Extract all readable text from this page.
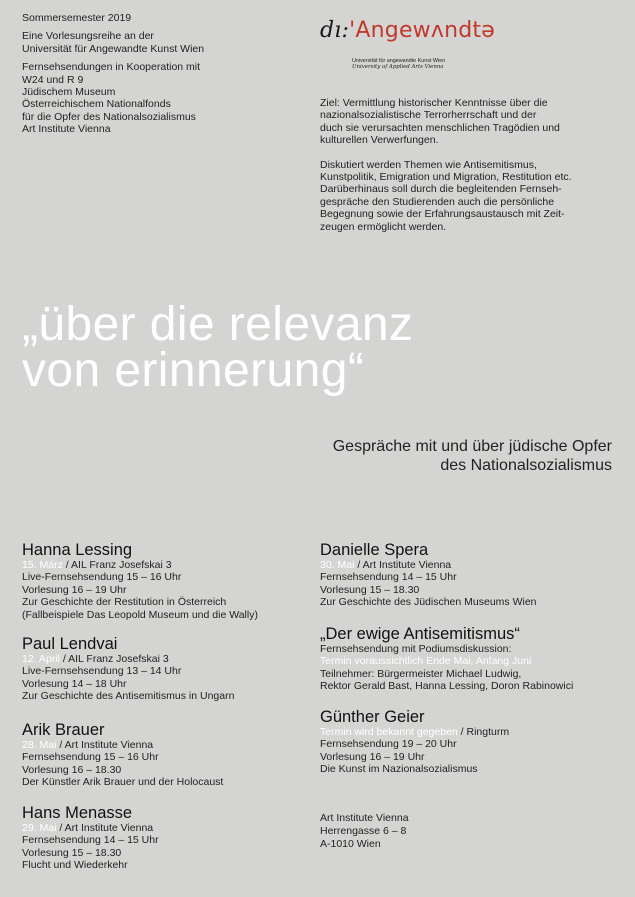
Sommersemester 2019

Eine Vorlesungsreihe an der
Universität für Angewandte Kunst Wien

Fernsehsendungen in Kooperation mit
W24 und R 9
Jüdischem Museum
Österreichischem Nationalfonds
für die Opfer des Nationalsozialismus
Art Institute Vienna

dı:'Angewᴧndtə
Universität für angewandte Kunst Wien
University of Applied Arts Vienna

Ziel: Vermittlung historischer Kenntnisse über die
nazionalsozialistische Terrorherrschaft und der
duch sie verursachten menschlichen Tragödien und
kulturellen Verwerfungen.

Diskutiert werden Themen wie Antisemitismus,
Kunstpolitik, Emigration und Migration, Restitution etc.
Darüberhinaus soll durch die begleitenden Fernseh-
gespräche den Studierenden auch die persönliche
Begegnung sowie der Erfahrungsaustausch mit Zeit-
zeugen ermöglicht werden.

„über die relevanz
von erinnerung“
Gespräche mit und über jüdische Opfer
des Nationalsozialismus
Hanna Lessing
15. März / AIL Franz Josefskai 3
Live-Fernsehsendung 15 – 16 Uhr
Vorlesung 16 – 19 Uhr
Zur Geschichte der Restitution in Österreich
(Fallbeispiele Das Leopold Museum und die Wally)
Paul Lendvai
12. April / AIL Franz Josefskai 3
Live-Fernsehsendung 13 – 14 Uhr
Vorlesung 14 – 18 Uhr
Zur Geschichte des Antisemitismus in Ungarn
Arik Brauer
28. Mai / Art Institute Vienna
Fernsehsendung 15 – 16 Uhr
Vorlesung 16 – 18.30
Der Künstler Arik Brauer und der Holocaust
Hans Menasse
29. Mai / Art Institute Vienna
Fernsehsendung 14 – 15 Uhr
Vorlesung 15 – 18.30
Flucht und Wiederkehr
Danielle Spera
30. Mai / Art Institute Vienna
Fernsehsendung 14 – 15 Uhr
Vorlesung 15 – 18.30
Zur Geschichte des Jüdischen Museums Wien
„Der ewige Antisemitismus“
Fernsehsendung mit Podiumsdiskussion:
Termin voraussichtlich Ende Mai, Anfang Juni
Teilnehmer: Bürgermeister Michael Ludwig,
Rektor Gerald Bast, Hanna Lessing, Doron Rabinowici
Günther Geier
Termin wird bekannt gegeben / Ringturm
Fernsehsendung 19 – 20 Uhr
Vorlesung 16 – 19 Uhr
Die Kunst im Nazionalsozialismus
Art Institute Vienna
Herrengasse 6 – 8
A-1010 Wien
